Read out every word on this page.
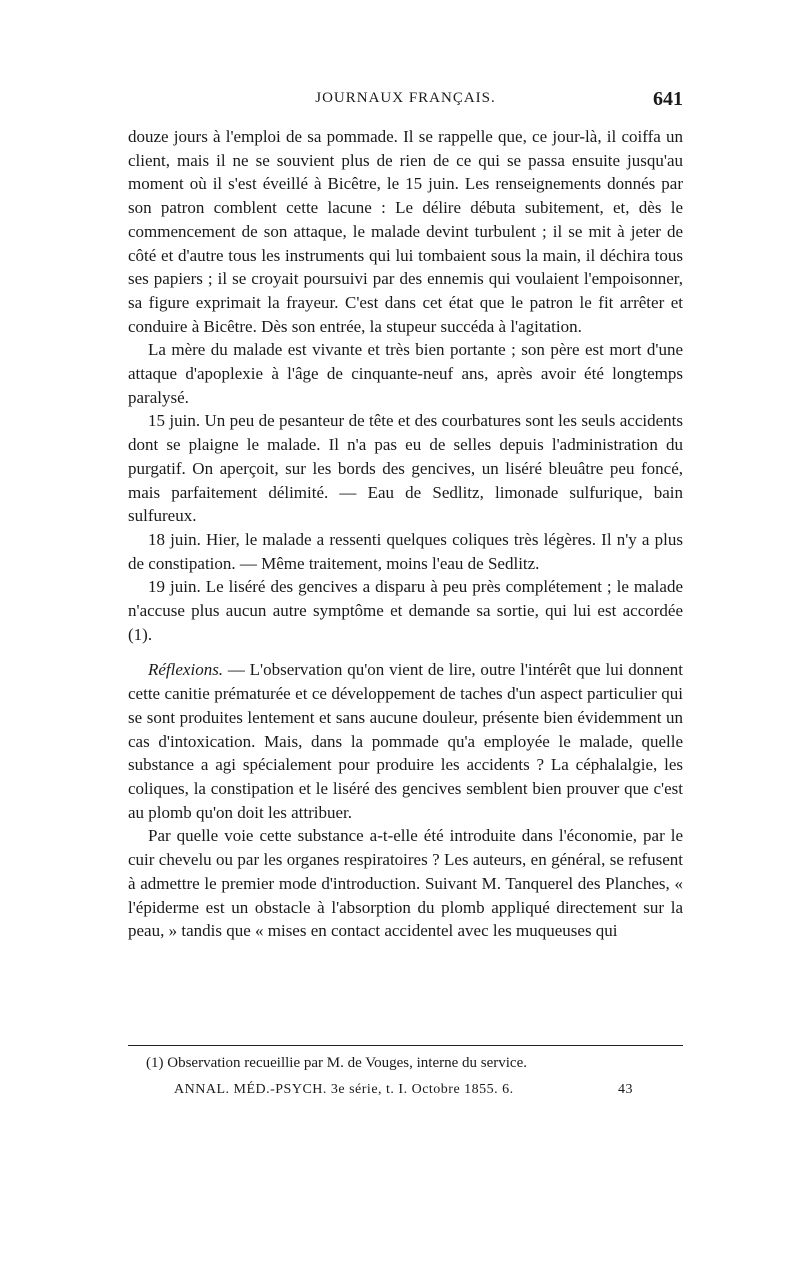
JOURNAUX FRANÇAIS.	641

douze jours à l'emploi de sa pommade. Il se rappelle que, ce jour-là, il coiffa un client, mais il ne se souvient plus de rien de ce qui se passa ensuite jusqu'au moment où il s'est éveillé à Bicêtre, le 15 juin. Les renseignements donnés par son patron comblent cette lacune : Le délire débuta subitement, et, dès le commencement de son attaque, le malade devint turbulent ; il se mit à jeter de côté et d'autre tous les instruments qui lui tombaient sous la main, il déchira tous ses papiers ; il se croyait poursuivi par des ennemis qui voulaient l'empoisonner, sa figure exprimait la frayeur. C'est dans cet état que le patron le fit arrêter et conduire à Bicêtre. Dès son entrée, la stupeur succéda à l'agitation.

La mère du malade est vivante et très bien portante ; son père est mort d'une attaque d'apoplexie à l'âge de cinquante-neuf ans, après avoir été longtemps paralysé.

15 juin. Un peu de pesanteur de tête et des courbatures sont les seuls accidents dont se plaigne le malade. Il n'a pas eu de selles depuis l'administration du purgatif. On aperçoit, sur les bords des gencives, un liséré bleuâtre peu foncé, mais parfaitement délimité. — Eau de Sedlitz, limonade sulfurique, bain sulfureux.

18 juin. Hier, le malade a ressenti quelques coliques très légères. Il n'y a plus de constipation. — Même traitement, moins l'eau de Sedlitz.

19 juin. Le liséré des gencives a disparu à peu près complétement ; le malade n'accuse plus aucun autre symptôme et demande sa sortie, qui lui est accordée (1).

Réflexions. — L'observation qu'on vient de lire, outre l'intérêt que lui donnent cette canitie prématurée et ce développement de taches d'un aspect particulier qui se sont produites lentement et sans aucune douleur, présente bien évidemment un cas d'intoxication. Mais, dans la pommade qu'a employée le malade, quelle substance a agi spécialement pour produire les accidents ? La céphalalgie, les coliques, la constipation et le liséré des gencives semblent bien prouver que c'est au plomb qu'on doit les attribuer.

Par quelle voie cette substance a-t-elle été introduite dans l'économie, par le cuir chevelu ou par les organes respiratoires ? Les auteurs, en général, se refusent à admettre le premier mode d'introduction. Suivant M. Tanquerel des Planches, « l'épiderme est un obstacle à l'absorption du plomb appliqué directement sur la peau, » tandis que « mises en contact accidentel avec les muqueuses qui

(1) Observation recueillie par M. de Vouges, interne du service.
ANNAL. MÉD.-PSYCH. 3e série, t. I. Octobre 1855. 6.	43
